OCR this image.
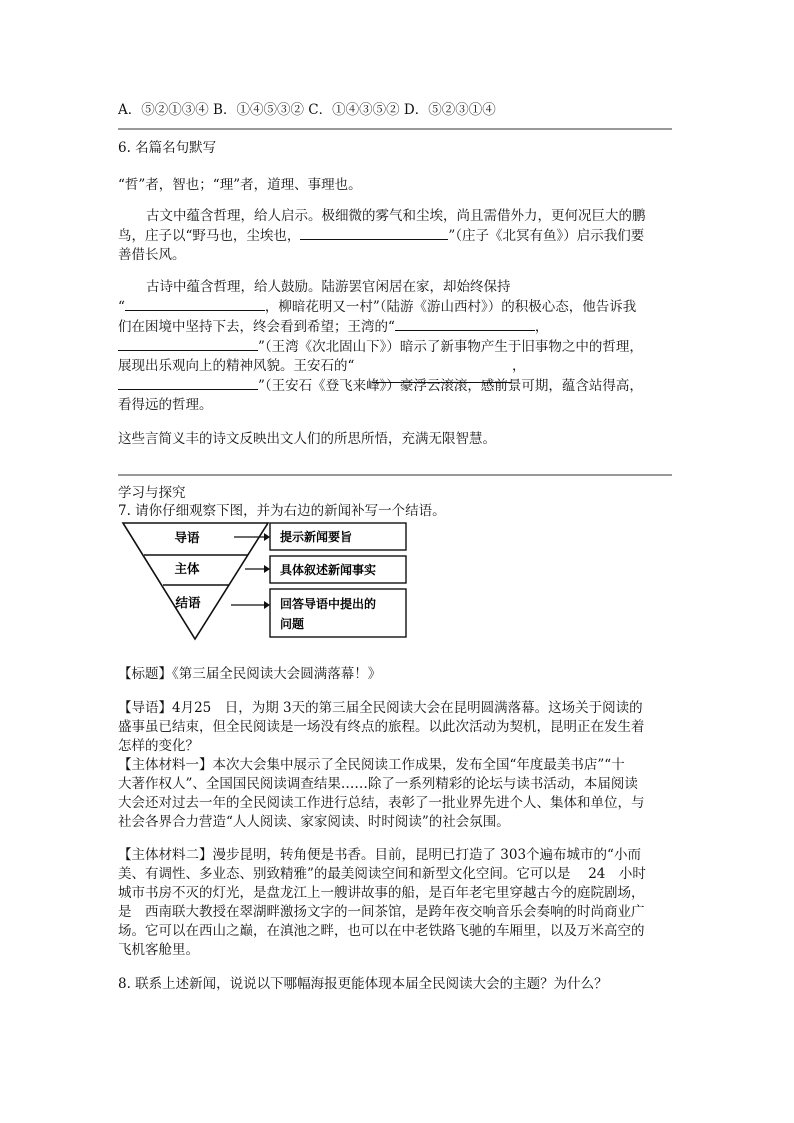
A．⑤②①③④ B．①④⑤③② C．①④③⑤② D．⑤②③①④
6. 名篇名句默写
“哲”者，智也；“理”者，道理、事理也。
古文中蕴含哲理，给人启示。极细微的雾气和尘埃，尚且需借外力，更何况巨大的鹏
鸟，庄子以“野马也，尘埃也，	”（庄子《北冥有鱼》）启示我们要
善借长风。
古诗中蕴含哲理，给人鼓励。陆游罢官闲居在家，却始终保持
“	，柳暗花明又一村”（陆游《游山西村》）的积极心态，他告诉我
们在困境中坚持下去，终会看到希望；王湾的“	，
”（王湾《次北固山下》）暗示了新事物产生于旧事物之中的哲理，
展现出乐观向上的精神风貌。王安石的“
”（王安石《登飞来峰》）豪浮云滚滚，感前景可期，蕴含站得高，
看得远的哲理。
，
这些言简义丰的诗文反映出文人们的所思所悟，充满无限智慧。
学习与探究
7. 请你仔细观察下图，并为右边的新闻补写一个结语。
导语
主体
结语
提示新闻要旨
具体叙述新闻事实
回答导语中提出的
问题
【标题】《第三届全民阅读大会圆满落幕！》
【导语】4月25　日，为期 3天的第三届全民阅读大会在昆明圆满落幕。这场关于阅读的
盛事虽已结束，但全民阅读是一场没有终点的旅程。以此次活动为契机，昆明正在发生着
怎样的变化？
【主体材料一】本次大会集中展示了全民阅读工作成果，发布全国“年度最美书店”“十
大著作权人”、全国国民阅读调查结果……除了一系列精彩的论坛与读书活动，本届阅读
大会还对过去一年的全民阅读工作进行总结，表彰了一批业界先进个人、集体和单位，与
社会各界合力营造“人人阅读、家家阅读、时时阅读”的社会氛围。
【主体材料二】漫步昆明，转角便是书香。目前，昆明已打造了 303个遍布城市的“小而
美、有调性、多业态、别致精雅”的最美阅读空间和新型文化空间。它可以是　 24　小时
城市书房不灭的灯光，是盘龙江上一艘讲故事的船，是百年老宅里穿越古今的庭院剧场，
是　西南联大教授在翠湖畔激扬文字的一间茶馆，是跨年夜交响音乐会奏响的时尚商业广
场。它可以在西山之巅，在滇池之畔，也可以在中老铁路飞驰的车厢里，以及万米高空的
飞机客舱里。
8. 联系上述新闻，说说以下哪幅海报更能体现本届全民阅读大会的主题？为什么？
